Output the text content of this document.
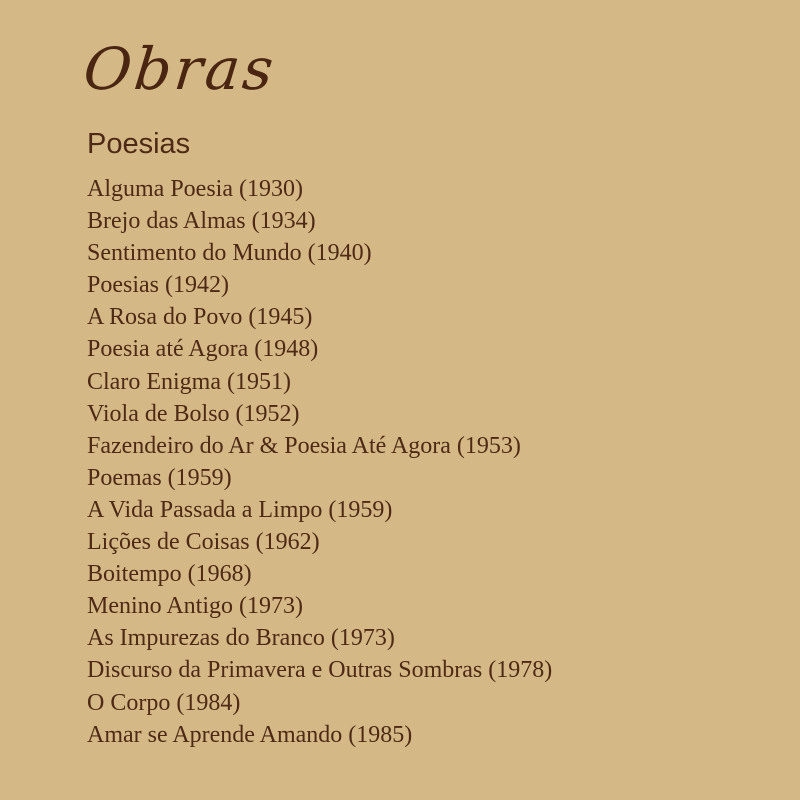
Obras
Poesias
Alguma Poesia (1930)
Brejo das Almas (1934)
Sentimento do Mundo (1940)
Poesias (1942)
A Rosa do Povo (1945)
Poesia até Agora (1948)
Claro Enigma (1951)
Viola de Bolso (1952)
Fazendeiro do Ar & Poesia Até Agora (1953)
Poemas (1959)
A Vida Passada a Limpo (1959)
Lições de Coisas (1962)
Boitempo (1968)
Menino Antigo (1973)
As Impurezas do Branco (1973)
Discurso da Primavera e Outras Sombras (1978)
O Corpo (1984)
Amar se Aprende Amando (1985)
